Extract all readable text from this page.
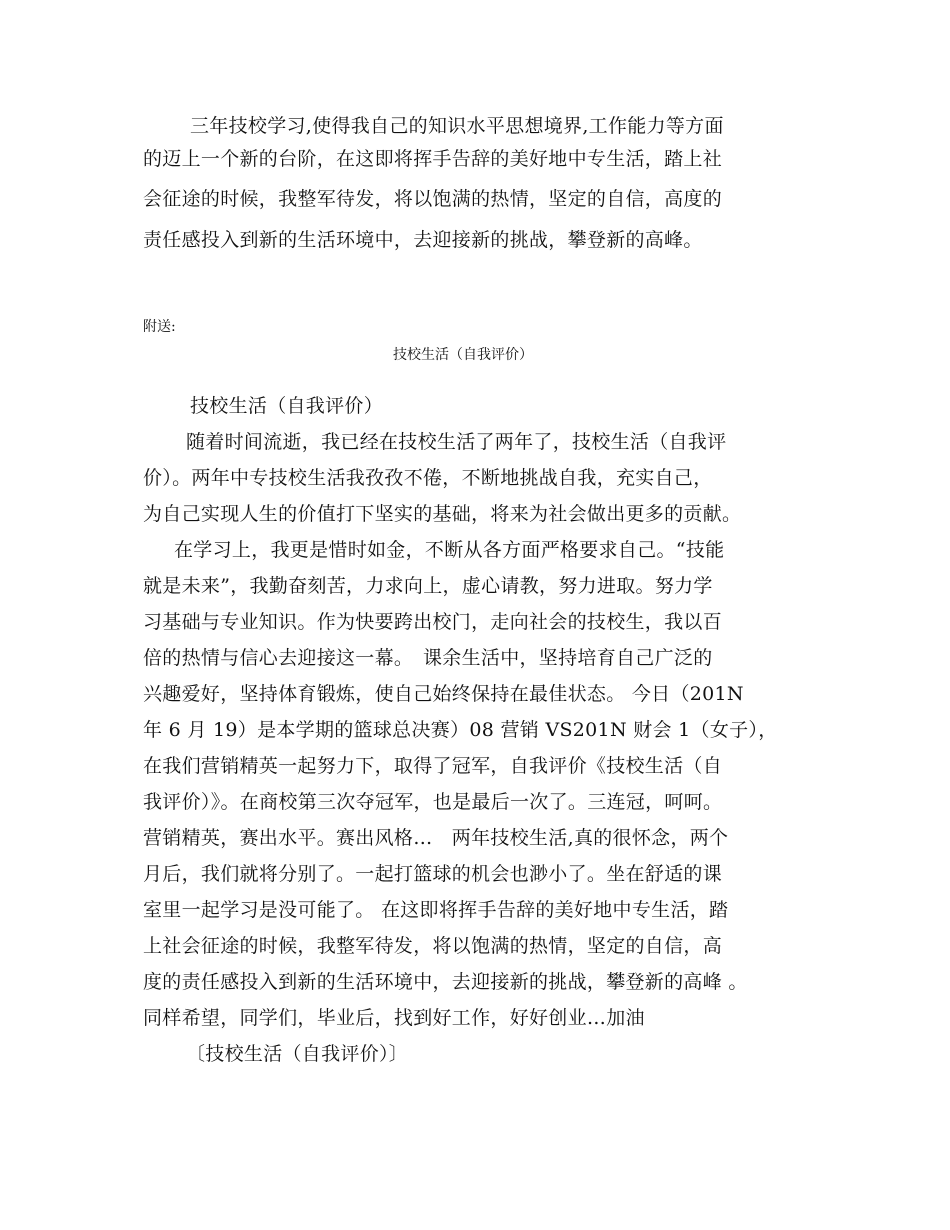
三年技校学习,使得我自己的知识水平思想境界,工作能力等方面
的迈上一个新的台阶，在这即将挥手告辞的美好地中专生活，踏上社
会征途的时候，我整军待发，将以饱满的热情，坚定的自信，高度的
责任感投入到新的生活环境中，去迎接新的挑战，攀登新的高峰。
附送:
技校生活（自我评价）
技校生活（自我评价）
随着时间流逝，我已经在技校生活了两年了，技校生活（自我评
价）。两年中专技校生活我孜孜不倦，不断地挑战自我，充实自己，
为自己实现人生的价值打下坚实的基础，将来为社会做出更多的贡献。
在学习上，我更是惜时如金，不断从各方面严格要求自己。“技能
就是未来”，我勤奋刻苦，力求向上，虚心请教，努力进取。努力学
习基础与专业知识。作为快要跨出校门，走向社会的技校生，我以百
倍的热情与信心去迎接这一幕。　课余生活中，坚持培育自己广泛的
兴趣爱好，坚持体育锻炼，使自己始终保持在最佳状态。 今日（201N
年 6 月 19）是本学期的篮球总决赛）08 营销 VS201N 财会 1（女子），
在我们营销精英一起努力下，取得了冠军，自我评价《技校生活（自
我评价）》。在商校第三次夺冠军，也是最后一次了。三连冠，呵呵。
营销精英，赛出水平。赛出风格…　两年技校生活,真的很怀念，两个
月后，我们就将分别了。一起打篮球的机会也渺小了。坐在舒适的课
室里一起学习是没可能了。 在这即将挥手告辞的美好地中专生活，踏
上社会征途的时候，我整军待发，将以饱满的热情，坚定的自信，高
度的责任感投入到新的生活环境中，去迎接新的挑战，攀登新的高峰 。
同样希望，同学们，毕业后，找到好工作，好好创业…加油
〔技校生活（自我评价）〕
